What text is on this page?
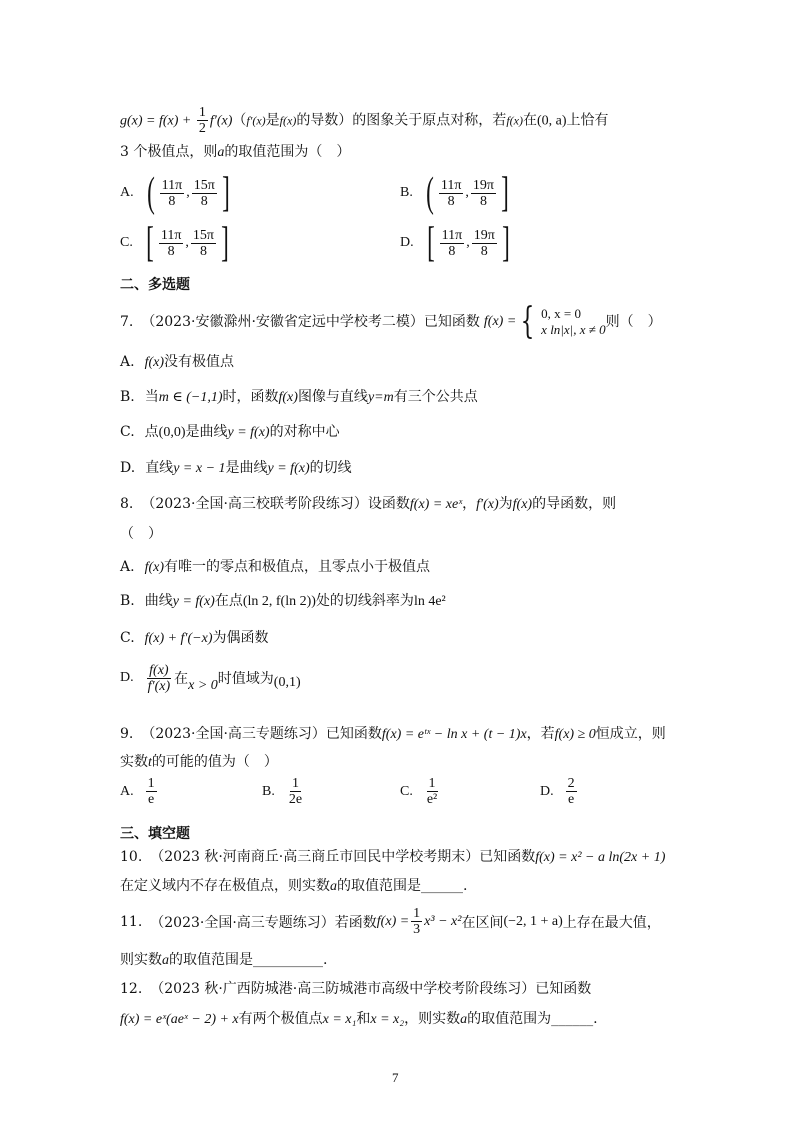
$g(x) = f(x) + \frac{1}{2} f'(x)(f'(x)$是f(x)的导数）的图象关于原点对称，若f(x)在(0, a)上恰有
3 个极值点，则a的取值范围为（　）
A. ( $\frac{11\pi}{8}$ , $\frac{15\pi}{8}$ ]	B. ( $\frac{11\pi}{8}$ , $\frac{19\pi}{8}$ ]
C. [ $\frac{11\pi}{8}$ , $\frac{15\pi}{8}$ ]	D. [ $\frac{11\pi}{8}$ , $\frac{19\pi}{8}$ ]
二、多选题
7. （2023·安徽滁州·安徽省定远中学校考二模）已知函数 f(x) = { 0, x = 0
x ln|x|, x ≠ 0 则（　）
A. f(x)没有极值点
B. 当m ∈ (−1,1)时，函数f(x)图像与直线y=m有三个公共点
C. 点(0,0)是曲线y = f(x)的对称中心
D. 直线y = x − 1是曲线y = f(x)的切线
8. （2023·全国·高三校联考阶段练习）设函数f(x) = xeˣ，f′(x)为f(x)的导函数，则
（　）
A. f(x)有唯一的零点和极值点，且零点小于极值点
B. 曲线y = f(x)在点(ln 2, f(ln 2))处的切线斜率为ln 4e²
C. f(x) + f′(−x)为偶函数
D. $\frac{f(x)}{f'(x)}$ 在 x > 0 时值域为 (0,1)
9. （2023·全国·高三专题练习）已知函数f(x) = eᵗˣ − ln x + (t − 1)x，若f(x) ≥ 0恒成立，则
实数t的可能的值为（　）
A. $\frac{1}{e}$	B. $\frac{1}{2e}$	C. $\frac{1}{\text{e²}}$	D. $\frac{2}{e}$
三、填空题
10. （2023 秋·河南商丘·高三商丘市回民中学校考期末）已知函数f(x) = x² − a ln(2x + 1)
在定义域内不存在极值点，则实数a的取值范围是______.
11. （2023·全国·高三专题练习）若函数 $f(x) = \frac{1}{3} x^3 - x^2$ 在区间 (−2, 1 + a) 上存在最大值，
则实数a的取值范围是__________.
12. （2023 秋·广西防城港·高三防城港市高级中学校考阶段练习）已知函数
f(x) = eˣ(aeˣ − 2) + x有两个极值点x = x₁和x = x₂，则实数a的取值范围为______.
7
